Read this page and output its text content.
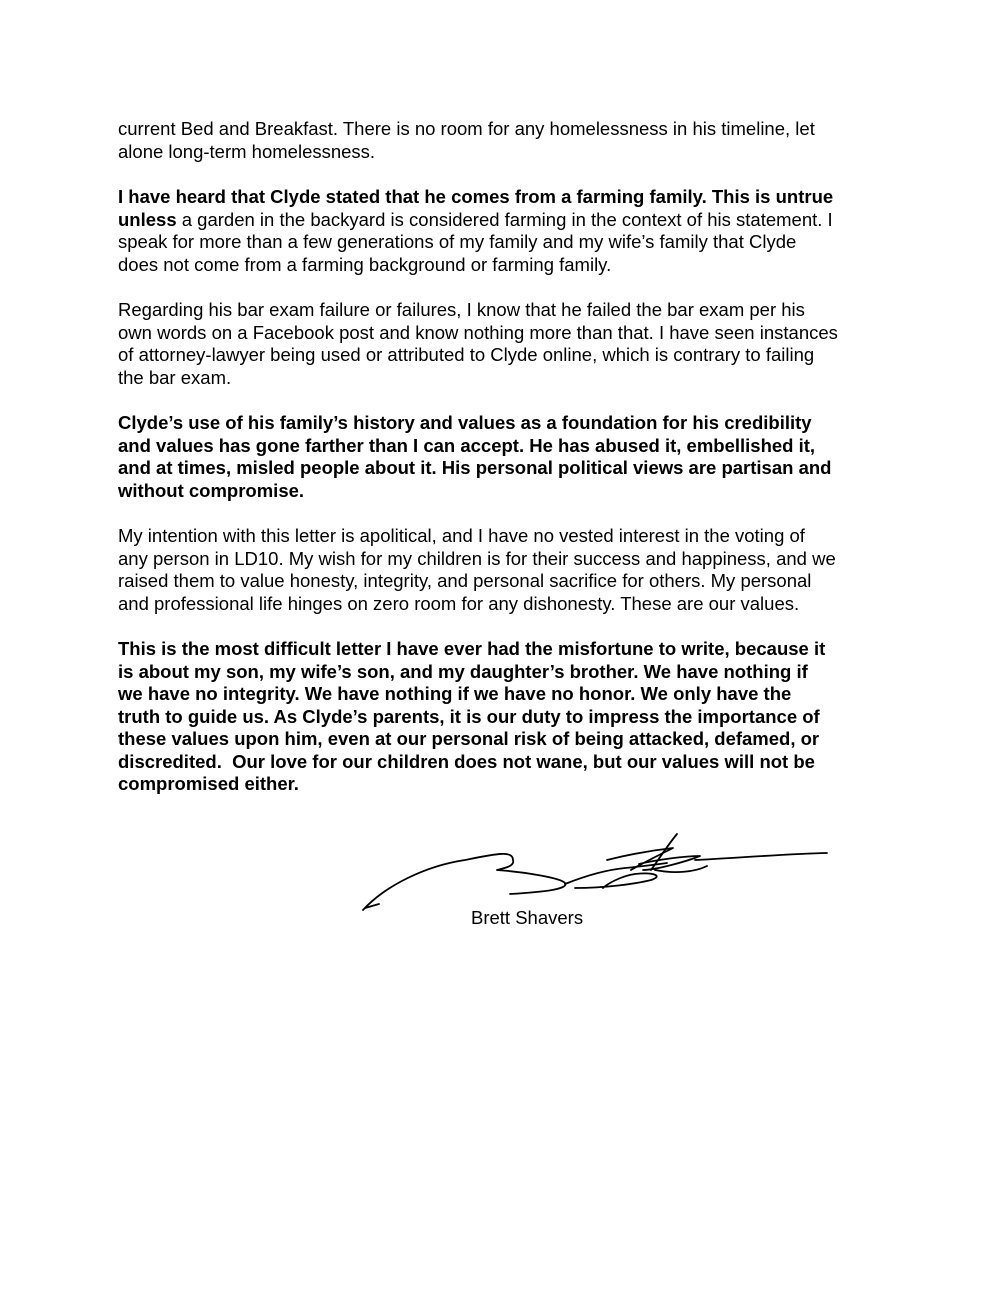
current Bed and Breakfast. There is no room for any homelessness in his timeline, let
alone long-term homelessness.
I have heard that Clyde stated that he comes from a farming family. This is untrue
unless a garden in the backyard is considered farming in the context of his statement. I
speak for more than a few generations of my family and my wife’s family that Clyde
does not come from a farming background or farming family.
Regarding his bar exam failure or failures, I know that he failed the bar exam per his
own words on a Facebook post and know nothing more than that. I have seen instances
of attorney-lawyer being used or attributed to Clyde online, which is contrary to failing
the bar exam.
Clyde’s use of his family’s history and values as a foundation for his credibility
and values has gone farther than I can accept. He has abused it, embellished it,
and at times, misled people about it. His personal political views are partisan and
without compromise.
My intention with this letter is apolitical, and I have no vested interest in the voting of
any person in LD10. My wish for my children is for their success and happiness, and we
raised them to value honesty, integrity, and personal sacrifice for others. My personal
and professional life hinges on zero room for any dishonesty. These are our values.
This is the most difficult letter I have ever had the misfortune to write, because it
is about my son, my wife’s son, and my daughter’s brother. We have nothing if
we have no integrity. We have nothing if we have no honor. We only have the
truth to guide us. As Clyde’s parents, it is our duty to impress the importance of
these values upon him, even at our personal risk of being attacked, defamed, or
discredited.  Our love for our children does not wane, but our values will not be
compromised either.
Brett Shavers
